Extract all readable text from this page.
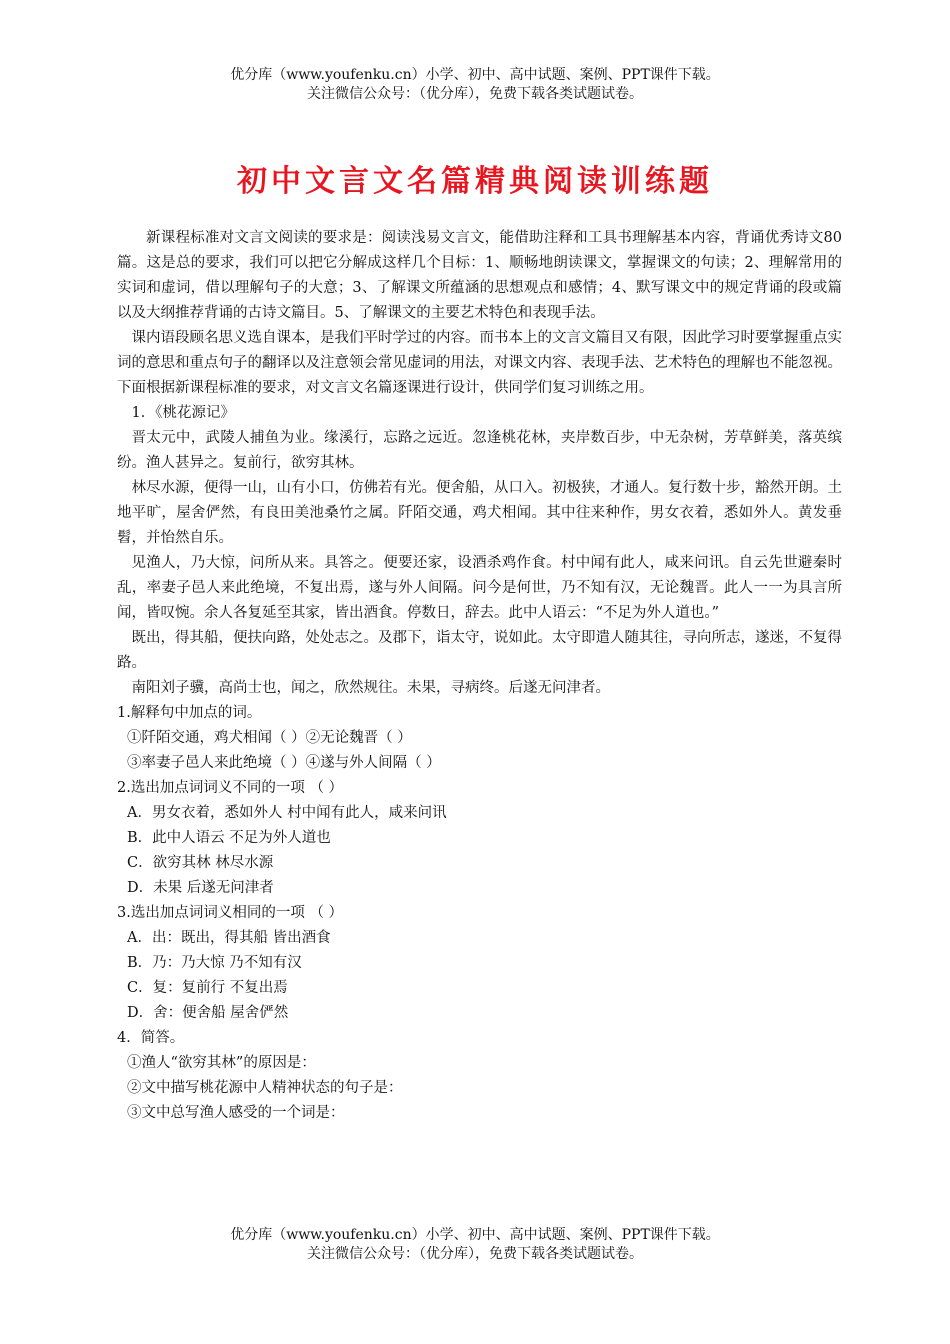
优分库（www.youfenku.cn）小学、初中、高中试题、案例、PPT课件下载。
关注微信公众号：（优分库），免费下载各类试题试卷。
初中文言文名篇精典阅读训练题

新课程标准对文言文阅读的要求是：阅读浅易文言文，能借助注释和工具书理解基本内容，背诵优秀诗文80篇。这是总的要求，我们可以把它分解成这样几个目标：1、顺畅地朗读课文，掌握课文的句读；2、理解常用的实词和虚词，借以理解句子的大意；3、了解课文所蕴涵的思想观点和感情；4、默写课文中的规定背诵的段或篇以及大纲推荐背诵的古诗文篇目。5、了解课文的主要艺术特色和表现手法。

课内语段顾名思义选自课本，是我们平时学过的内容。而书本上的文言文篇目又有限，因此学习时要掌握重点实词的意思和重点句子的翻译以及注意领会常见虚词的用法，对课文内容、表现手法、艺术特色的理解也不能忽视。下面根据新课程标准的要求，对文言文名篇逐课进行设计，供同学们复习训练之用。

1．《桃花源记》

晋太元中，武陵人捕鱼为业。缘溪行，忘路之远近。忽逢桃花林，夹岸数百步，中无杂树，芳草鲜美，落英缤纷。渔人甚异之。复前行，欲穷其林。

林尽水源，便得一山，山有小口，仿佛若有光。便舍船，从口入。初极狭，才通人。复行数十步，豁然开朗。土地平旷，屋舍俨然，有良田美池桑竹之属。阡陌交通，鸡犬相闻。其中往来种作，男女衣着，悉如外人。黄发垂髫，并怡然自乐。

见渔人，乃大惊，问所从来。具答之。便要还家，设酒杀鸡作食。村中闻有此人，咸来问讯。自云先世避秦时乱，率妻子邑人来此绝境，不复出焉，遂与外人间隔。问今是何世，乃不知有汉，无论魏晋。此人一一为具言所闻，皆叹惋。余人各复延至其家，皆出酒食。停数日，辞去。此中人语云：“不足为外人道也。”

既出，得其船，便扶向路，处处志之。及郡下，诣太守，说如此。太守即遣人随其往，寻向所志，遂迷，不复得路。

南阳刘子骥，高尚士也，闻之，欣然规往。未果，寻病终。后遂无问津者。

1.解释句中加点的词。

①阡陌交通，鸡犬相闻（ ）②无论魏晋（ ）

③率妻子邑人来此绝境（ ）④遂与外人间隔（ ）

2.选出加点词词义不同的一项 （ ）

A．男女衣着，悉如外人 村中闻有此人，咸来问讯

B．此中人语云 不足为外人道也

C．欲穷其林 林尽水源

D．未果 后遂无问津者

3.选出加点词词义相同的一项 （ ）

A．出：既出，得其船 皆出酒食

B．乃：乃大惊 乃不知有汉

C．复：复前行 不复出焉

D．舍：便舍船 屋舍俨然

4．简答。

①渔人“欲穷其林”的原因是：

②文中描写桃花源中人精神状态的句子是：

③文中总写渔人感受的一个词是：

优分库（www.youfenku.cn）小学、初中、高中试题、案例、PPT课件下载。
关注微信公众号：（优分库），免费下载各类试题试卷。
